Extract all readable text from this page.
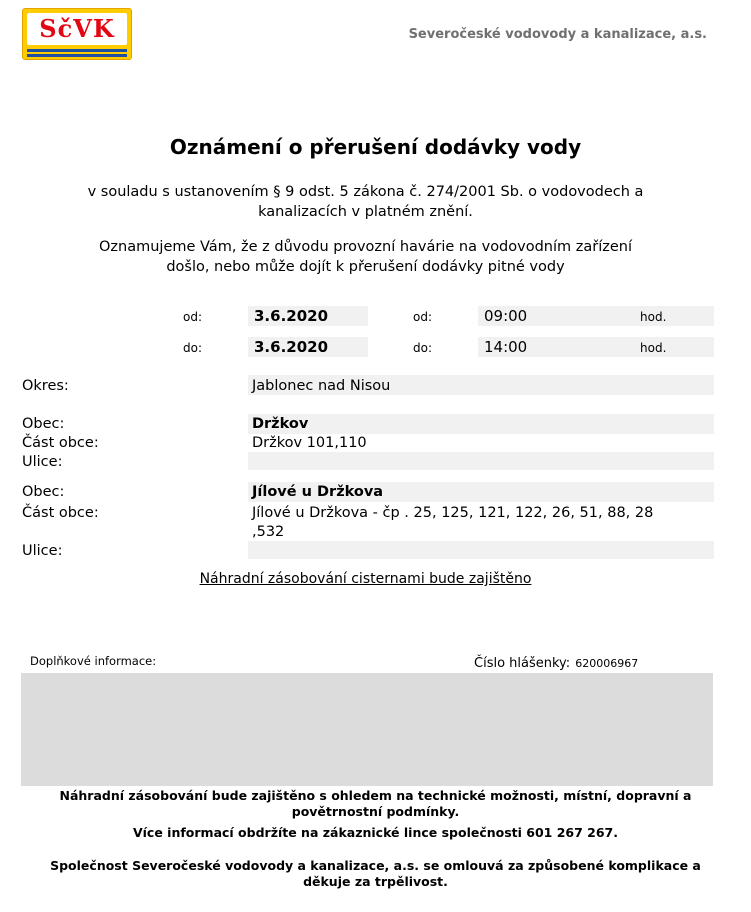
SčVK	Severočeské vodovody a kanalizace, a.s.
Oznámení o přerušení dodávky vody
v souladu s ustanovením § 9 odst. 5 zákona č. 274/2001 Sb. o vodovodech a
kanalizacích v platném znění.
Oznamujeme Vám, že z důvodu provozní havárie na vodovodním zařízení
došlo, nebo může dojít k přerušení dodávky pitné vody
od:	3.6.2020	od:	09:00	hod.
do:	3.6.2020	do:	14:00	hod.
Okres:	Jablonec nad Nisou
Obec:	Držkov
Část obce:	Držkov 101,110
Ulice:
Obec:	Jílové u Držkova
Část obce:	Jílové u Držkova - čp . 25, 125, 121, 122, 26, 51, 88, 28
,532
Ulice:
Náhradní zásobování cisternami bude zajištěno
Doplňkové informace:	Číslo hlášenky: 620006967
Náhradní zásobování bude zajištěno s ohledem na technické možnosti, místní, dopravní a
povětrnostní podmínky.
Více informací obdržíte na zákaznické lince společnosti 601 267 267.
Společnost Severočeské vodovody a kanalizace, a.s. se omlouvá za způsobené komplikace a
děkuje za trpělivost.
